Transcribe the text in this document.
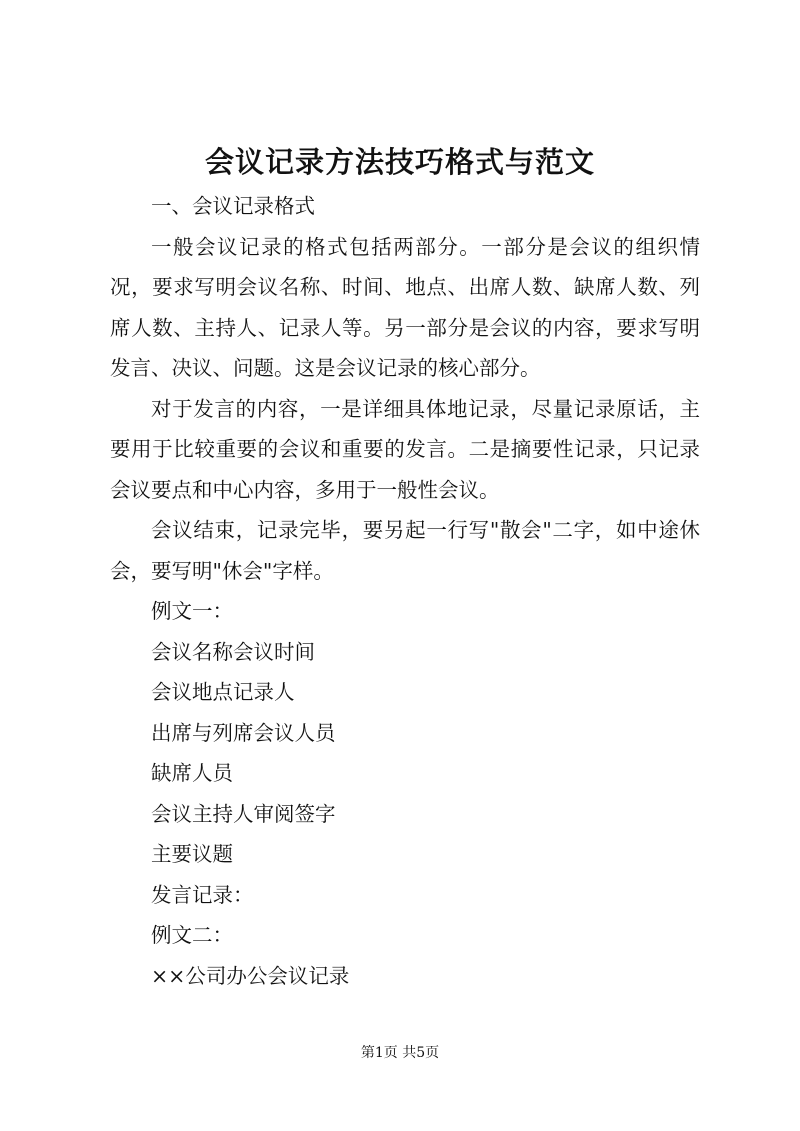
会议记录方法技巧格式与范文

一、会议记录格式

一般会议记录的格式包括两部分。一部分是会议的组织情况，要求写明会议名称、时间、地点、出席人数、缺席人数、列席人数、主持人、记录人等。另一部分是会议的内容，要求写明发言、决议、问题。这是会议记录的核心部分。

对于发言的内容，一是详细具体地记录，尽量记录原话，主要用于比较重要的会议和重要的发言。二是摘要性记录，只记录会议要点和中心内容，多用于一般性会议。

会议结束，记录完毕，要另起一行写"散会"二字，如中途休会，要写明"休会"字样。

例文一：

会议名称会议时间

会议地点记录人

出席与列席会议人员

缺席人员

会议主持人审阅签字

主要议题

发言记录：

例文二：

××公司办公会议记录

第1页 共5页
